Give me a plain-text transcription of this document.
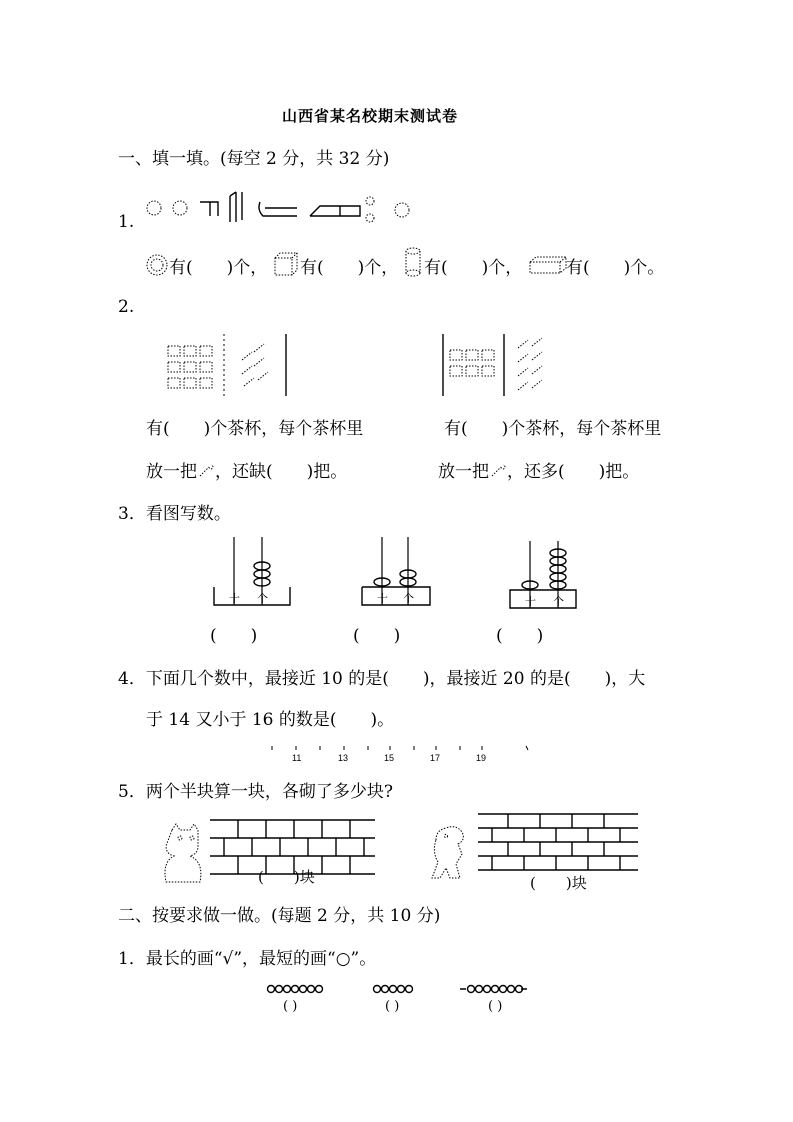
山西省某名校期末测试卷
一、填一填。(每空 2 分，共 32 分)
1.
有(　　)个， 有(　　)个， 有(　　)个，	有(　　)个。
2.
有(　　)个茶杯，每个茶杯里
放一把 ，还缺(　　)把。
有(　　)个茶杯，每个茶杯里
放一把 ，还多(　　)把。
3．看图写数。
十 个	十 个	十 个
(　　)	(　　)	(　　)
4．下面几个数中，最接近 10 的是(　　)，最接近 20 的是(　　)，大
于 14 又小于 16 的数是(　　)。
11	13	15	17	19
5．两个半块算一块，各砌了多少块?
(　　)块	(　　)块
二、按要求做一做。(每题 2 分，共 10 分)
1．最长的画“√”，最短的画“○”。
( )	( )	( )
